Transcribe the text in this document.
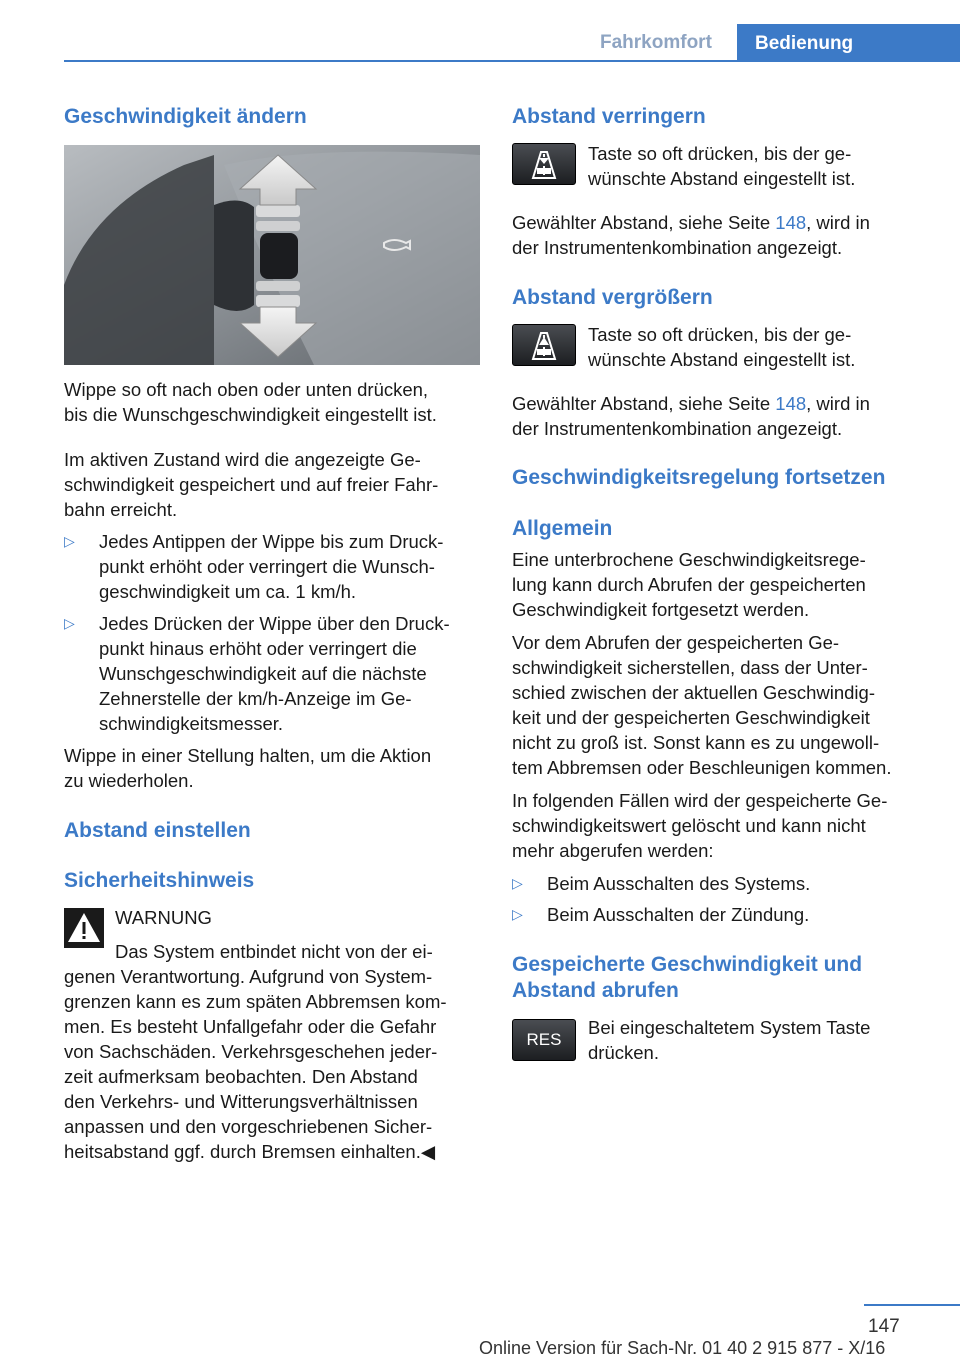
Fahrkomfort	Bedienung
Geschwindigkeit ändern
Wippe so oft nach oben oder unten drücken,
bis die Wunschgeschwindigkeit eingestellt ist.
Im aktiven Zustand wird die angezeigte Ge‐
schwindigkeit gespeichert und auf freier Fahr‐
bahn erreicht.
▷ Jedes Antippen der Wippe bis zum Druck‐
punkt erhöht oder verringert die Wunsch‐
geschwindigkeit um ca. 1 km/h.
▷ Jedes Drücken der Wippe über den Druck‐
punkt hinaus erhöht oder verringert die
Wunschgeschwindigkeit auf die nächste
Zehnerstelle der km/h-Anzeige im Ge‐
schwindigkeitsmesser.
Wippe in einer Stellung halten, um die Aktion
zu wiederholen.
Abstand einstellen
Sicherheitshinweis
WARNUNG
Das System entbindet nicht von der ei‐
genen Verantwortung. Aufgrund von System‐
grenzen kann es zum späten Abbremsen kom‐
men. Es besteht Unfallgefahr oder die Gefahr
von Sachschäden. Verkehrsgeschehen jeder‐
zeit aufmerksam beobachten. Den Abstand
den Verkehrs- und Witterungsverhältnissen
anpassen und den vorgeschriebenen Sicher‐
heitsabstand ggf. durch Bremsen einhalten.◀
Abstand verringern
Taste so oft drücken, bis der ge‐
wünschte Abstand eingestellt ist.
Gewählter Abstand, siehe Seite 148, wird in
der Instrumentenkombination angezeigt.
Abstand vergrößern
Taste so oft drücken, bis der ge‐
wünschte Abstand eingestellt ist.
Gewählter Abstand, siehe Seite 148, wird in
der Instrumentenkombination angezeigt.
Geschwindigkeitsregelung fortsetzen
Allgemein
Eine unterbrochene Geschwindigkeitsrege‐
lung kann durch Abrufen der gespeicherten
Geschwindigkeit fortgesetzt werden.
Vor dem Abrufen der gespeicherten Ge‐
schwindigkeit sicherstellen, dass der Unter‐
schied zwischen der aktuellen Geschwindig‐
keit und der gespeicherten Geschwindigkeit
nicht zu groß ist. Sonst kann es zu ungewoll‐
tem Abbremsen oder Beschleunigen kommen.
In folgenden Fällen wird der gespeicherte Ge‐
schwindigkeitswert gelöscht und kann nicht
mehr abgerufen werden:
▷ Beim Ausschalten des Systems.
▷ Beim Ausschalten der Zündung.
Gespeicherte Geschwindigkeit und
Abstand abrufen
RES
Bei eingeschaltetem System Taste
drücken.
147
Online Version für Sach-Nr. 01 40 2 915 877 - X/16
